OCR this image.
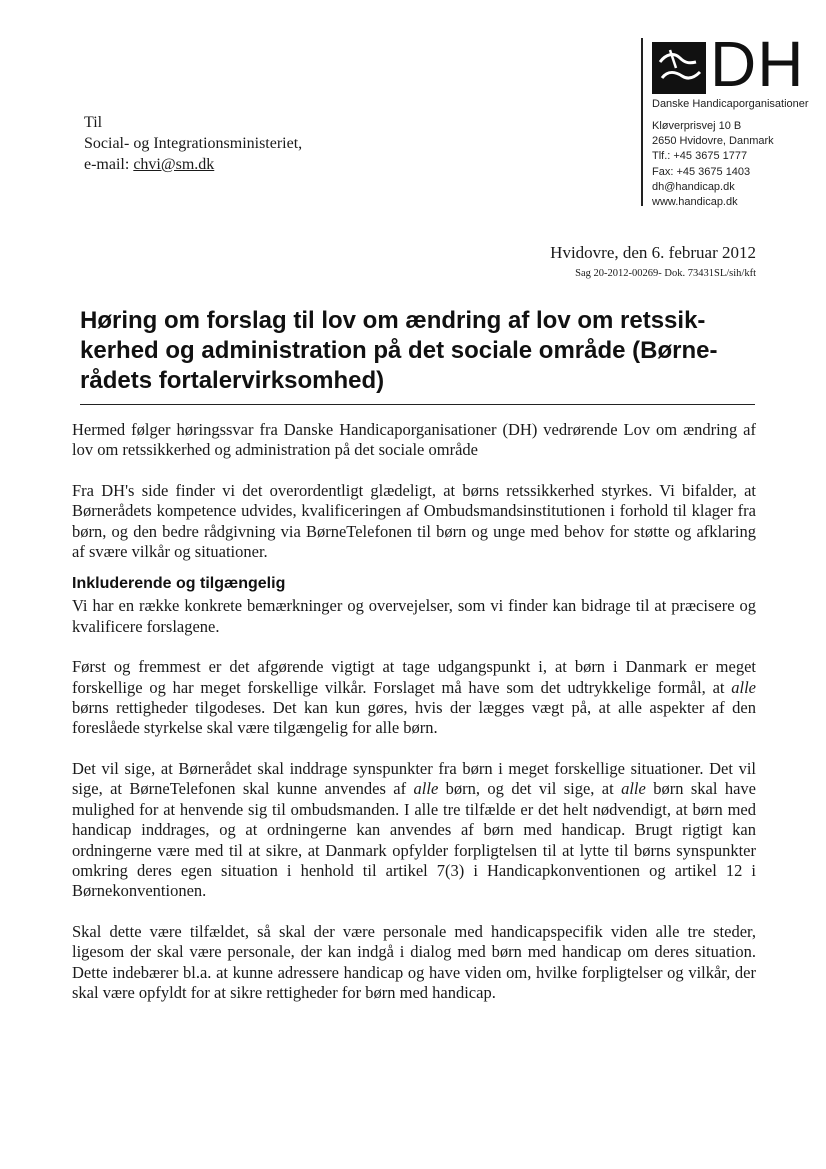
DH
Danske Handicaporganisationer
Kløverprisvej 10 B
2650 Hvidovre, Danmark
Tlf.: +45 3675 1777
Fax: +45 3675 1403
dh@handicap.dk
www.handicap.dk
Til
Social- og Integrationsministeriet,
e-mail: chvi@sm.dk
Hvidovre, den 6. februar 2012
Sag 20-2012-00269- Dok. 73431SL/sih/kft
Høring om forslag til lov om ændring af lov om retssik-
kerhed og administration på det sociale område (Børne-
rådets fortalervirksomhed)

Hermed følger høringssvar fra Danske Handicaporganisationer (DH) vedrørende Lov om ændring af lov om retssikkerhed og administration på det sociale område

Fra DH's side finder vi det overordentligt glædeligt, at børns retssikkerhed styrkes. Vi bifalder, at Børnerådets kompetence udvides, kvalificeringen af Ombudsmandsinstitutionen i forhold til klager fra børn, og den bedre rådgivning via BørneTelefonen til børn og unge med behov for støtte og afklaring af svære vilkår og situationer.

Inkluderende og tilgængelig

Vi har en række konkrete bemærkninger og overvejelser, som vi finder kan bidrage til at præcisere og kvalificere forslagene.

Først og fremmest er det afgørende vigtigt at tage udgangspunkt i, at børn i Danmark er meget forskellige og har meget forskellige vilkår. Forslaget må have som det udtrykkelige formål, at alle børns rettigheder tilgodeses. Det kan kun gøres, hvis der lægges vægt på, at alle aspekter af den foreslåede styrkelse skal være tilgængelig for alle børn.

Det vil sige, at Børnerådet skal inddrage synspunkter fra børn i meget forskellige situationer. Det vil sige, at BørneTelefonen skal kunne anvendes af alle børn, og det vil sige, at alle børn skal have mulighed for at henvende sig til ombudsmanden. I alle tre tilfælde er det helt nødvendigt, at børn med handicap inddrages, og at ordningerne kan anvendes af børn med handicap. Brugt rigtigt kan ordningerne være med til at sikre, at Danmark opfylder forpligtelsen til at lytte til børns synspunkter omkring deres egen situation i henhold til artikel 7(3) i Handicapkonventionen og artikel 12 i Børnekonventionen.

Skal dette være tilfældet, så skal der være personale med handicapspecifik viden alle tre steder, ligesom der skal være personale, der kan indgå i dialog med børn med handicap om deres situation. Dette indebærer bl.a. at kunne adressere handicap og have viden om, hvilke forpligtelser og vilkår, der skal være opfyldt for at sikre rettigheder for børn med handicap.
